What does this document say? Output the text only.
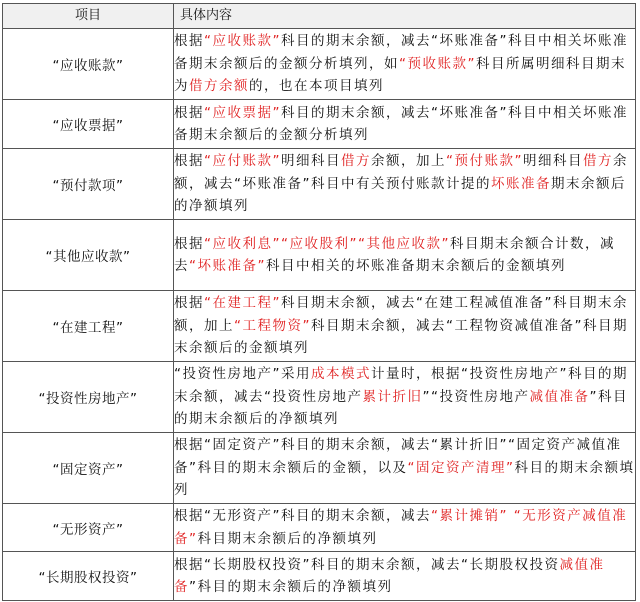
项目	具体内容
“应收账款”	根据“应收账款”科目的期末余额，减去“坏账准备”科目中相关坏账准备期末余额后的金额分析填列，如“预收账款”科目所属明细科目期末为借方余额的，也在本项目填列
“应收票据”	根据“应收票据”科目的期末余额，减去“坏账准备”科目中相关坏账准备期末余额后的金额分析填列
“预付款项”	根据“应付账款”明细科目借方余额，加上“预付账款”明细科目借方余额，减去“坏账准备”科目中有关预付账款计提的坏账准备期末余额后的净额填列
“其他应收款”	根据“应收利息”“应收股利”“其他应收款”科目期末余额合计数，减去“坏账准备”科目中相关的坏账准备期末余额后的金额填列
“在建工程”	根据“在建工程”科目期末余额，减去“在建工程减值准备”科目期末余额，加上“工程物资”科目期末余额，减去“工程物资减值准备”科目期末余额后的金额填列
“投资性房地产”	“投资性房地产”采用成本模式计量时，根据“投资性房地产”科目的期末余额，减去“投资性房地产累计折旧”“投资性房地产减值准备”科目的期末余额后的净额填列
“固定资产”	根据“固定资产”科目的期末余额，减去“累计折旧”“固定资产减值准备”科目的期末余额后的金额，以及“固定资产清理”科目的期末余额填列
“无形资产”	根据“无形资产”科目的期末余额，减去“累计摊销” “无形资产减值准备”科目期末余额后的净额填列
“长期股权投资”	根据“长期股权投资”科目的期末余额，减去“长期股权投资减值准备”科目的期末余额后的净额填列
